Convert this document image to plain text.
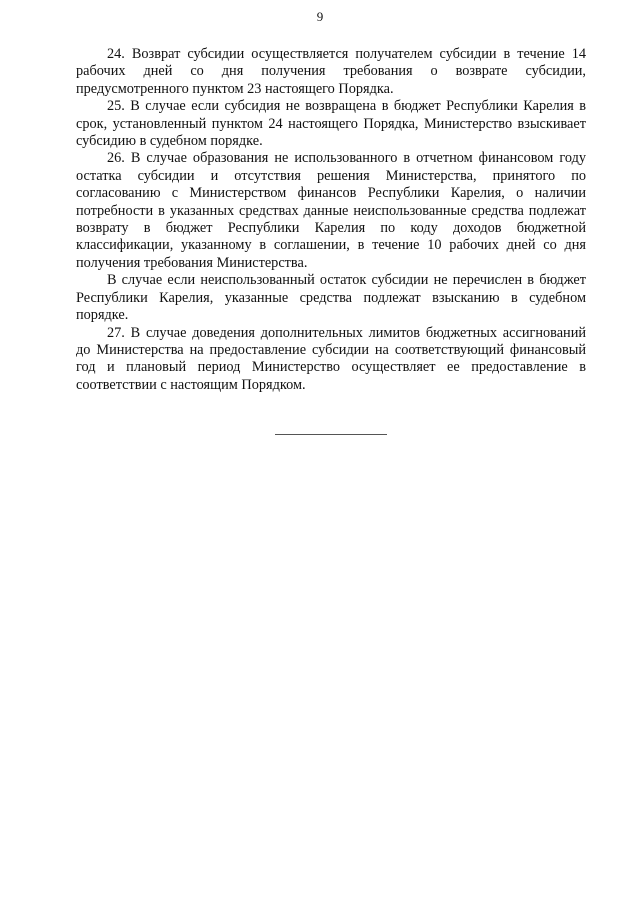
9

24. Возврат субсидии осуществляется получателем субсидии в течение 14 рабочих дней со дня получения требования о возврате субсидии, предусмотренного пунктом 23 настоящего Порядка.

25. В случае если субсидия не возвращена в бюджет Республики Карелия в срок, установленный пунктом 24 настоящего Порядка, Министерство взыскивает субсидию в судебном порядке.

26. В случае образования не использованного в отчетном финансовом году остатка субсидии и отсутствия решения Министерства, принятого по согласованию с Министерством финансов Республики Карелия, о наличии потребности в указанных средствах данные неиспользованные средства подлежат возврату в бюджет Республики Карелия по коду доходов бюджетной классификации, указанному в соглашении, в течение 10 рабочих дней со дня получения требования Министерства.

В случае если неиспользованный остаток субсидии не перечислен в бюджет Республики Карелия, указанные средства подлежат взысканию в судебном порядке.

27. В случае доведения дополнительных лимитов бюджетных ассигнований до Министерства на предоставление субсидии на соответствующий финансовый год и плановый период Министерство осуществляет ее предоставление в соответствии с настоящим Порядком.
